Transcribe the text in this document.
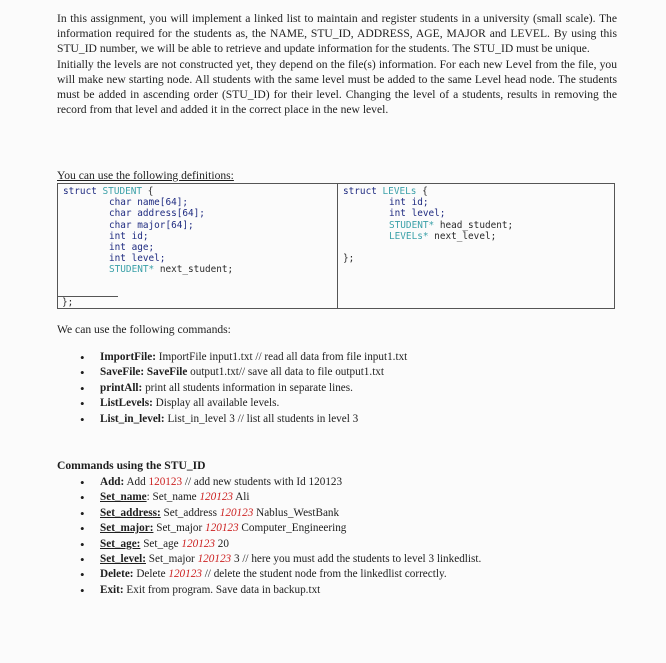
In this assignment, you will implement a linked list to maintain and register students in a university (small scale). The information required for the students as, the NAME, STU_ID, ADDRESS, AGE, MAJOR and LEVEL. By using this STU_ID number, we will be able to retrieve and update information for the students. The STU_ID must be unique.

Initially the levels are not constructed yet, they depend on the file(s) information. For each new Level from the file, you will make new starting node. All students with the same level must be added to the same Level head node. The students must be added in ascending order (STU_ID) for their level. Changing the level of a students, results in removing the record from that level and added it in the correct place in the new level.

You can use the following definitions:
struct STUDENT {
char name[64];
char address[64];
char major[64];
int id;
int age;
int level;
STUDENT* next_student;
};
struct LEVELs {
int id;
int level;
STUDENT* head_student;
LEVELs* next_level;
};
We can use the following commands:
• ImportFile: ImportFile input1.txt // read all data from file input1.txt
• SaveFile: SaveFile output1.txt// save all data to file output1.txt
• printAll: print all students information in separate lines.
• ListLevels: Display all available levels.
• List_in_level: List_in_level 3 // list all students in level 3
Commands using the STU_ID
• Add: Add 120123 // add new students with Id 120123
• Set_name: Set_name 120123 Ali
• Set_address: Set_address 120123 Nablus_WestBank
• Set_major: Set_major 120123 Computer_Engineering
• Set_age: Set_age 120123 20
• Set_level: Set_major 120123 3 // here you must add the students to level 3 linkedlist.
• Delete: Delete 120123 // delete the student node from the linkedlist correctly.
• Exit: Exit from program. Save data in backup.txt
